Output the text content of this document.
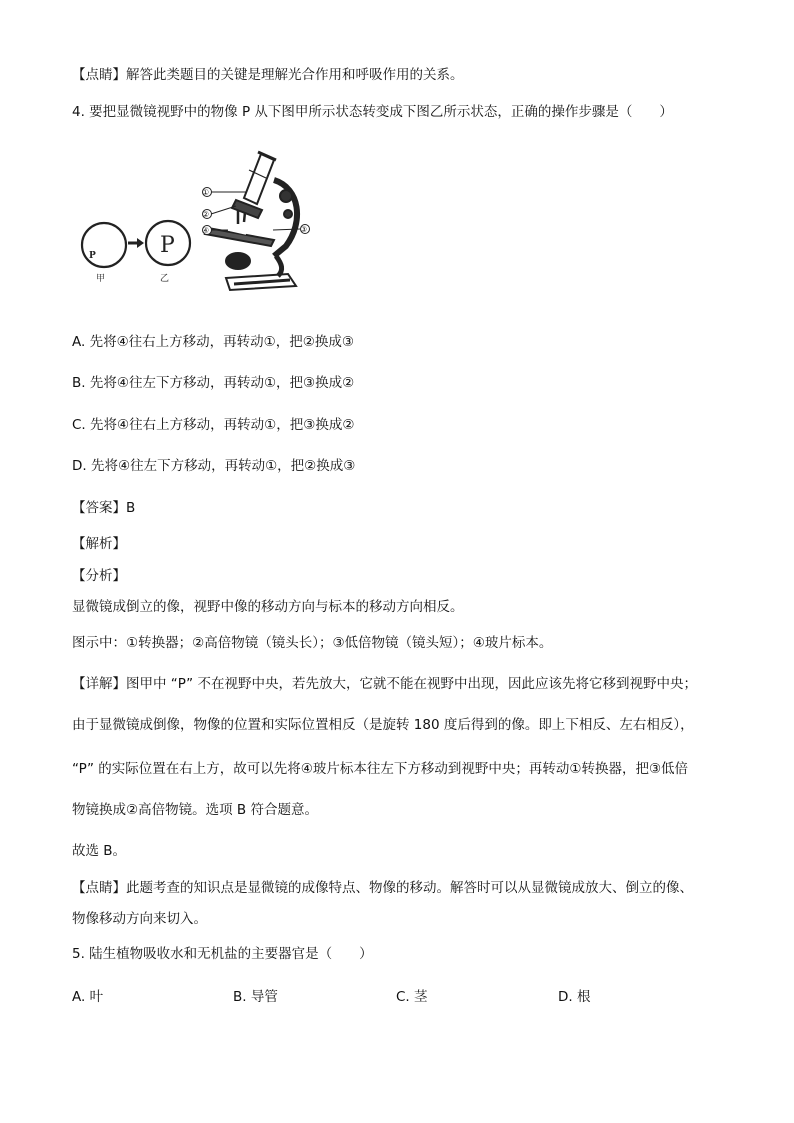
【点睛】解答此类题目的关键是理解光合作用和呼吸作用的关系。
4. 要把显微镜视野中的物像 P 从下图甲所示状态转变成下图乙所示状态，正确的操作步骤是（　　）
P	P
甲	乙
①
②
④	③
A. 先将④往右上方移动，再转动①，把②换成③
B. 先将④往左下方移动，再转动①，把③换成②
C. 先将④往右上方移动，再转动①，把③换成②
D. 先将④往左下方移动，再转动①，把②换成③
【答案】B
【解析】
【分析】
显微镜成倒立的像，视野中像的移动方向与标本的移动方向相反。
图示中：①转换器；②高倍物镜（镜头长）；③低倍物镜（镜头短）；④玻片标本。
【详解】图甲中 “P” 不在视野中央，若先放大，它就不能在视野中出现，因此应该先将它移到视野中央；
由于显微镜成倒像，物像的位置和实际位置相反（是旋转 180 度后得到的像。即上下相反、左右相反），
“P” 的实际位置在右上方，故可以先将④玻片标本往左下方移动到视野中央；再转动①转换器，把③低倍
物镜换成②高倍物镜。选项 B 符合题意。
故选 B。
【点睛】此题考查的知识点是显微镜的成像特点、物像的移动。解答时可以从显微镜成放大、倒立的像、
物像移动方向来切入。
5. 陆生植物吸收水和无机盐的主要器官是（　　）
A. 叶	B. 导管	C. 茎	D. 根
